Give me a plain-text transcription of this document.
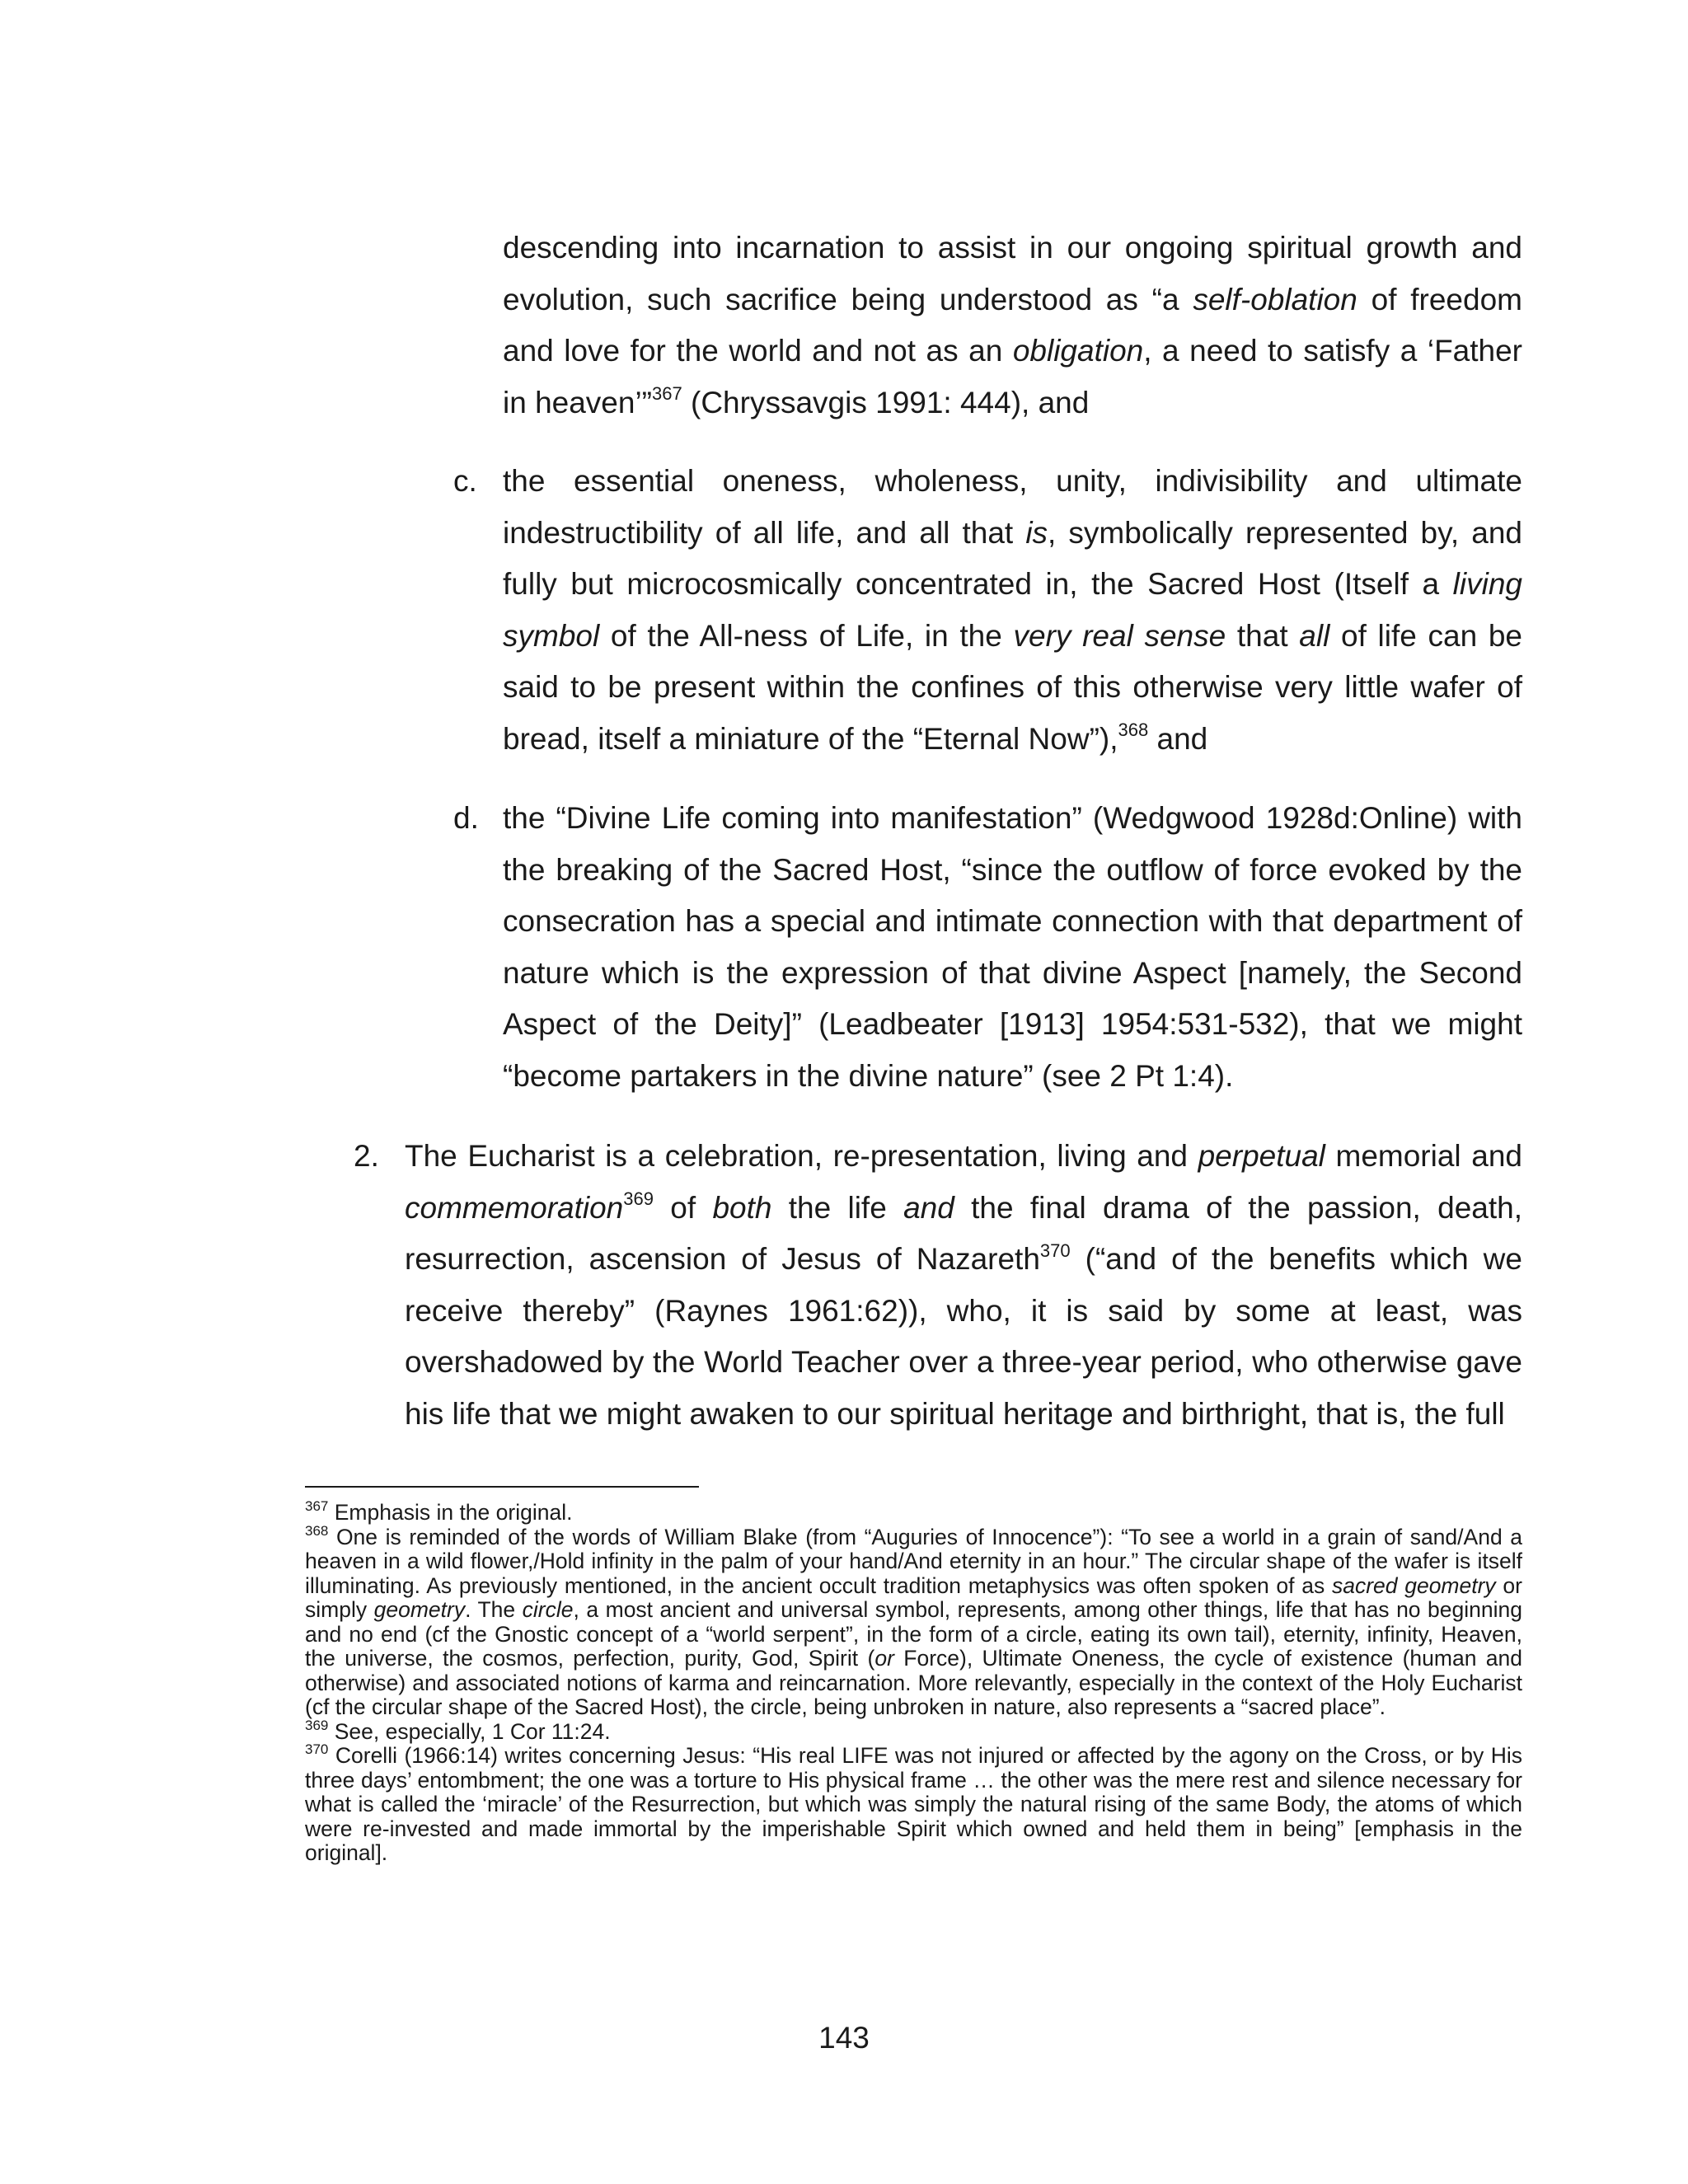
descending into incarnation to assist in our ongoing spiritual growth and evolution, such sacrifice being understood as “a self-oblation of freedom and love for the world and not as an obligation, a need to satisfy a ‘Father in heaven’”$^{367}$ (Chryssavgis 1991: 444), and

c. the essential oneness, wholeness, unity, indivisibility and ultimate indestructibility of all life, and all that is, symbolically represented by, and fully but microcosmically concentrated in, the Sacred Host (Itself a living symbol of the All-ness of Life, in the very real sense that all of life can be said to be present within the confines of this otherwise very little wafer of bread, itself a miniature of the “Eternal Now”),$^{368}$ and

d. the “Divine Life coming into manifestation” (Wedgwood 1928d:Online) with the breaking of the Sacred Host, “since the outflow of force evoked by the consecration has a special and intimate connection with that department of nature which is the expression of that divine Aspect [namely, the Second Aspect of the Deity]” (Leadbeater [1913] 1954:531-532), that we might “become partakers in the divine nature” (see 2 Pt 1:4).

2. The Eucharist is a celebration, re-presentation, living and perpetual memorial and commemoration$^{369}$ of both the life and the final drama of the passion, death, resurrection, ascension of Jesus of Nazareth$^{370}$ (“and of the benefits which we receive thereby” (Raynes 1961:62)), who, it is said by some at least, was overshadowed by the World Teacher over a three-year period, who otherwise gave his life that we might awaken to our spiritual heritage and birthright, that is, the full

$^{367}$ Emphasis in the original.

$^{368}$ One is reminded of the words of William Blake (from “Auguries of Innocence”): “To see a world in a grain of sand/And a heaven in a wild flower,/Hold infinity in the palm of your hand/And eternity in an hour.” The circular shape of the wafer is itself illuminating. As previously mentioned, in the ancient occult tradition metaphysics was often spoken of as sacred geometry or simply geometry. The circle, a most ancient and universal symbol, represents, among other things, life that has no beginning and no end (cf the Gnostic concept of a “world serpent”, in the form of a circle, eating its own tail), eternity, infinity, Heaven, the universe, the cosmos, perfection, purity, God, Spirit (or Force), Ultimate Oneness, the cycle of existence (human and otherwise) and associated notions of karma and reincarnation. More relevantly, especially in the context of the Holy Eucharist (cf the circular shape of the Sacred Host), the circle, being unbroken in nature, also represents a “sacred place”.

$^{369}$ See, especially, 1 Cor 11:24.

$^{370}$ Corelli (1966:14) writes concerning Jesus: “His real LIFE was not injured or affected by the agony on the Cross, or by His three days’ entombment; the one was a torture to His physical frame … the other was the mere rest and silence necessary for what is called the ‘miracle’ of the Resurrection, but which was simply the natural rising of the same Body, the atoms of which were re-invested and made immortal by the imperishable Spirit which owned and held them in being” [emphasis in the original].

143
